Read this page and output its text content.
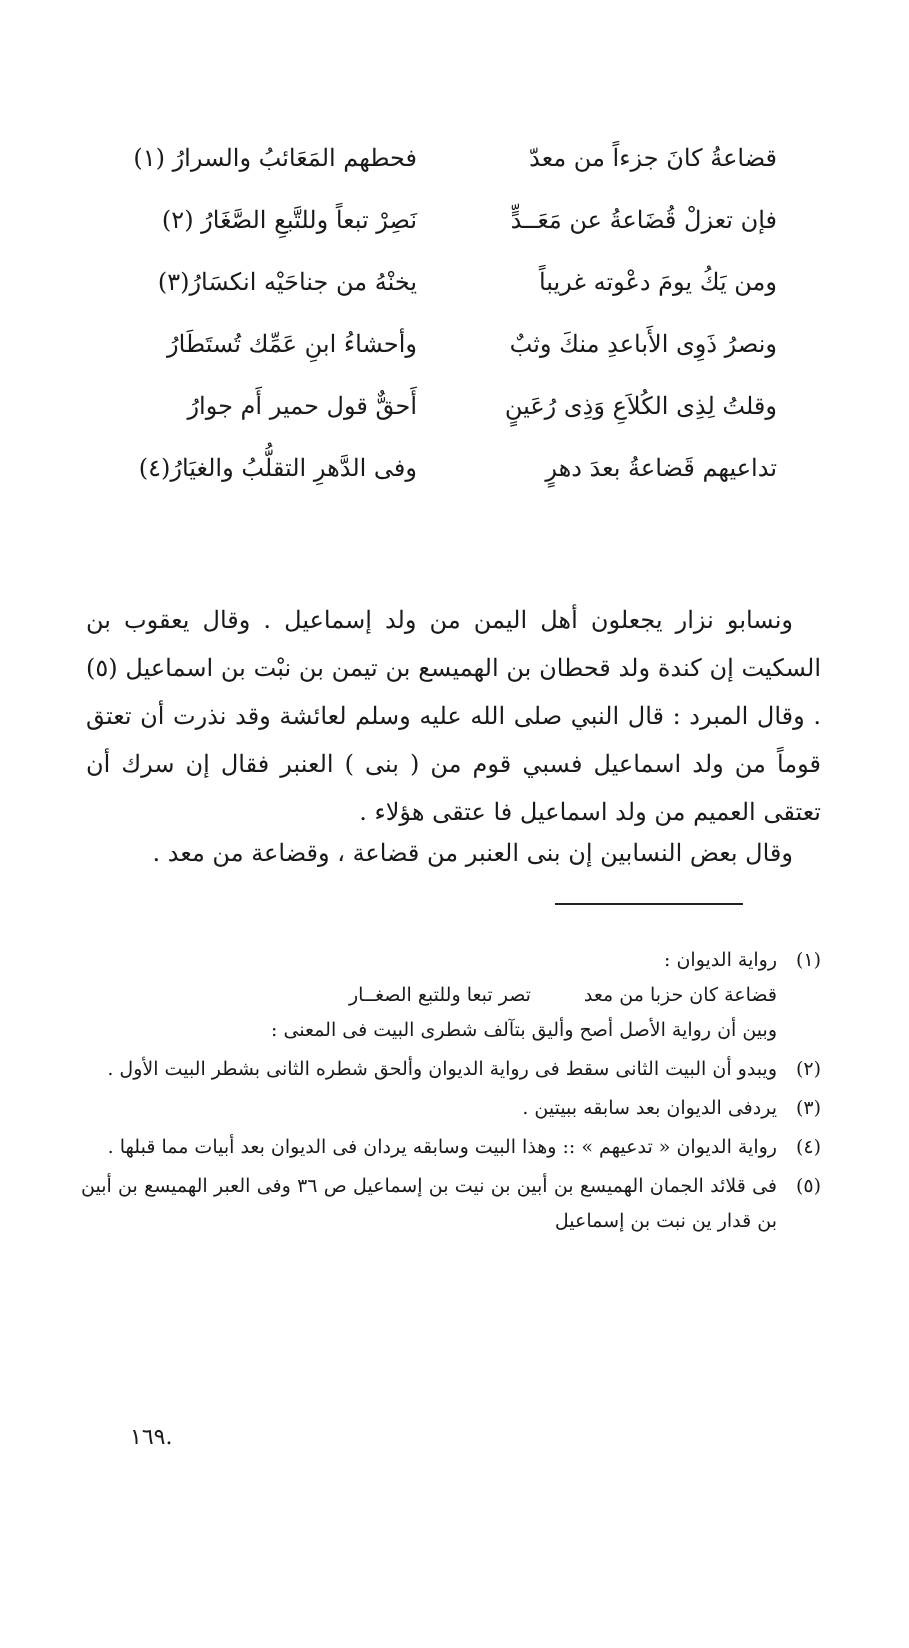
قضاعةُ كانَ جزءاً من معدّ
فحطهم المَعَائبُ والسرارُ (١)
فإن تعزلْ قُضَاعةُ عن مَعَــدٍّ
نَصِرْ تبعاً وللتَّبعِ الصَّغَارُ (٢)
ومن يَكُ يومَ دعْوته غريباً
يخنْهُ من جناحَيْه انكسَارُ(٣)
ونصرُ ذَوِى الأَباعدِ منكَ وثبٌ
وأحشاءُ ابنِ عَمِّك تُستَطَارُ
وقلتُ لِذِى الكُلاَعِ وَذِى رُعَينٍ
أَحقٌّ قول حمير أَم جوارُ
تداعيهم قَضاعةُ بعدَ دهرٍ
وفى الدَّهرِ التقلُّبُ والغيَارُ(٤)

ونسابو نزار يجعلون أهل اليمن من ولد إسماعيل . وقال يعقوب بن السكيت إن كندة ولد قحطان بن الهميسع بن تيمن بن نبْت بن اسماعيل (٥) . وقال المبرد : قال النبي صلى الله عليه وسلم لعائشة وقد نذرت أن تعتق قوماً من ولد اسماعيل فسبي قوم من ( بنى ) العنبر فقال إن سرك أن تعتقى العميم من ولد اسماعيل فا عتقى هؤلاء .

وقال بعض النسابين إن بنى العنبر من قضاعة ، وقضاعة من معد .

(١)
رواية الديوان :
قضاعة كان حزبا من معد تصر تبعا وللتبع الصغــار
وبين أن رواية الأصل أصح وأليق بتآلف شطرى البيت فى المعنى :
(٢)
ويبدو أن البيت الثانى سقط فى رواية الديوان وألحق شطره الثانى بشطر البيت الأول .
(٣)
يردفى الديوان بعد سابقه ببيتين .
(٤)
رواية الديوان « تدعيهم » :: وهذا البيت وسابقه يردان فى الديوان بعد أبيات مما قبلها .
(٥)
فى قلائد الجمان الهميسع بن أبين بن نيت بن إسماعيل ص ٣٦ وفى العبر الهميسع بن أبين بن قدار ين نبت بن إسماعيل
.١٦٩
